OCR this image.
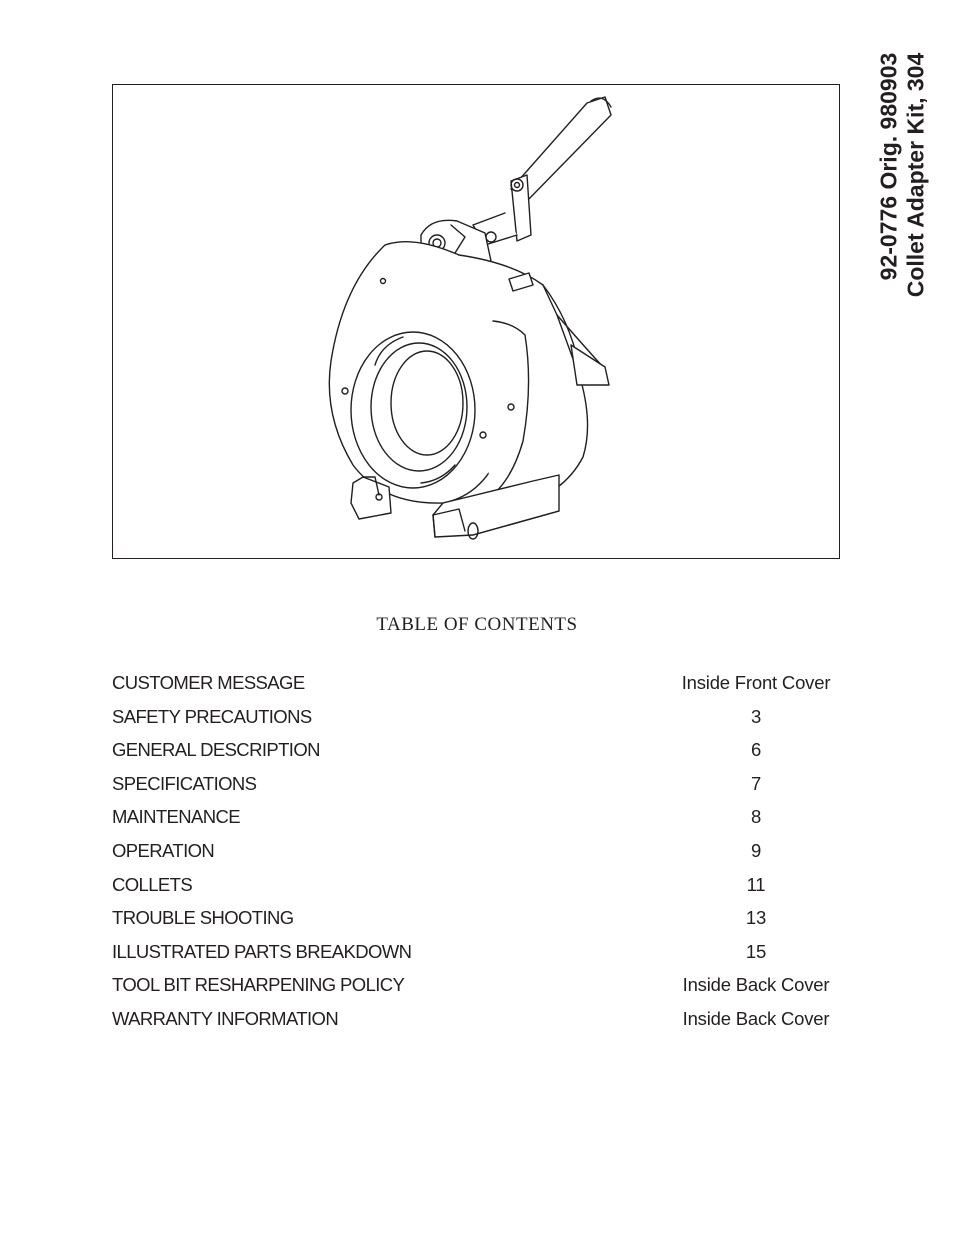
92-0776 Orig. 980903 Collet Adapter Kit, 304
TABLE OF CONTENTS
CUSTOMER MESSAGE	Inside Front Cover
SAFETY PRECAUTIONS	3
GENERAL DESCRIPTION	6
SPECIFICATIONS	7
MAINTENANCE	8
OPERATION	9
COLLETS	11
TROUBLE SHOOTING	13
ILLUSTRATED PARTS BREAKDOWN	15
TOOL BIT RESHARPENING POLICY	Inside Back Cover
WARRANTY INFORMATION	Inside Back Cover
